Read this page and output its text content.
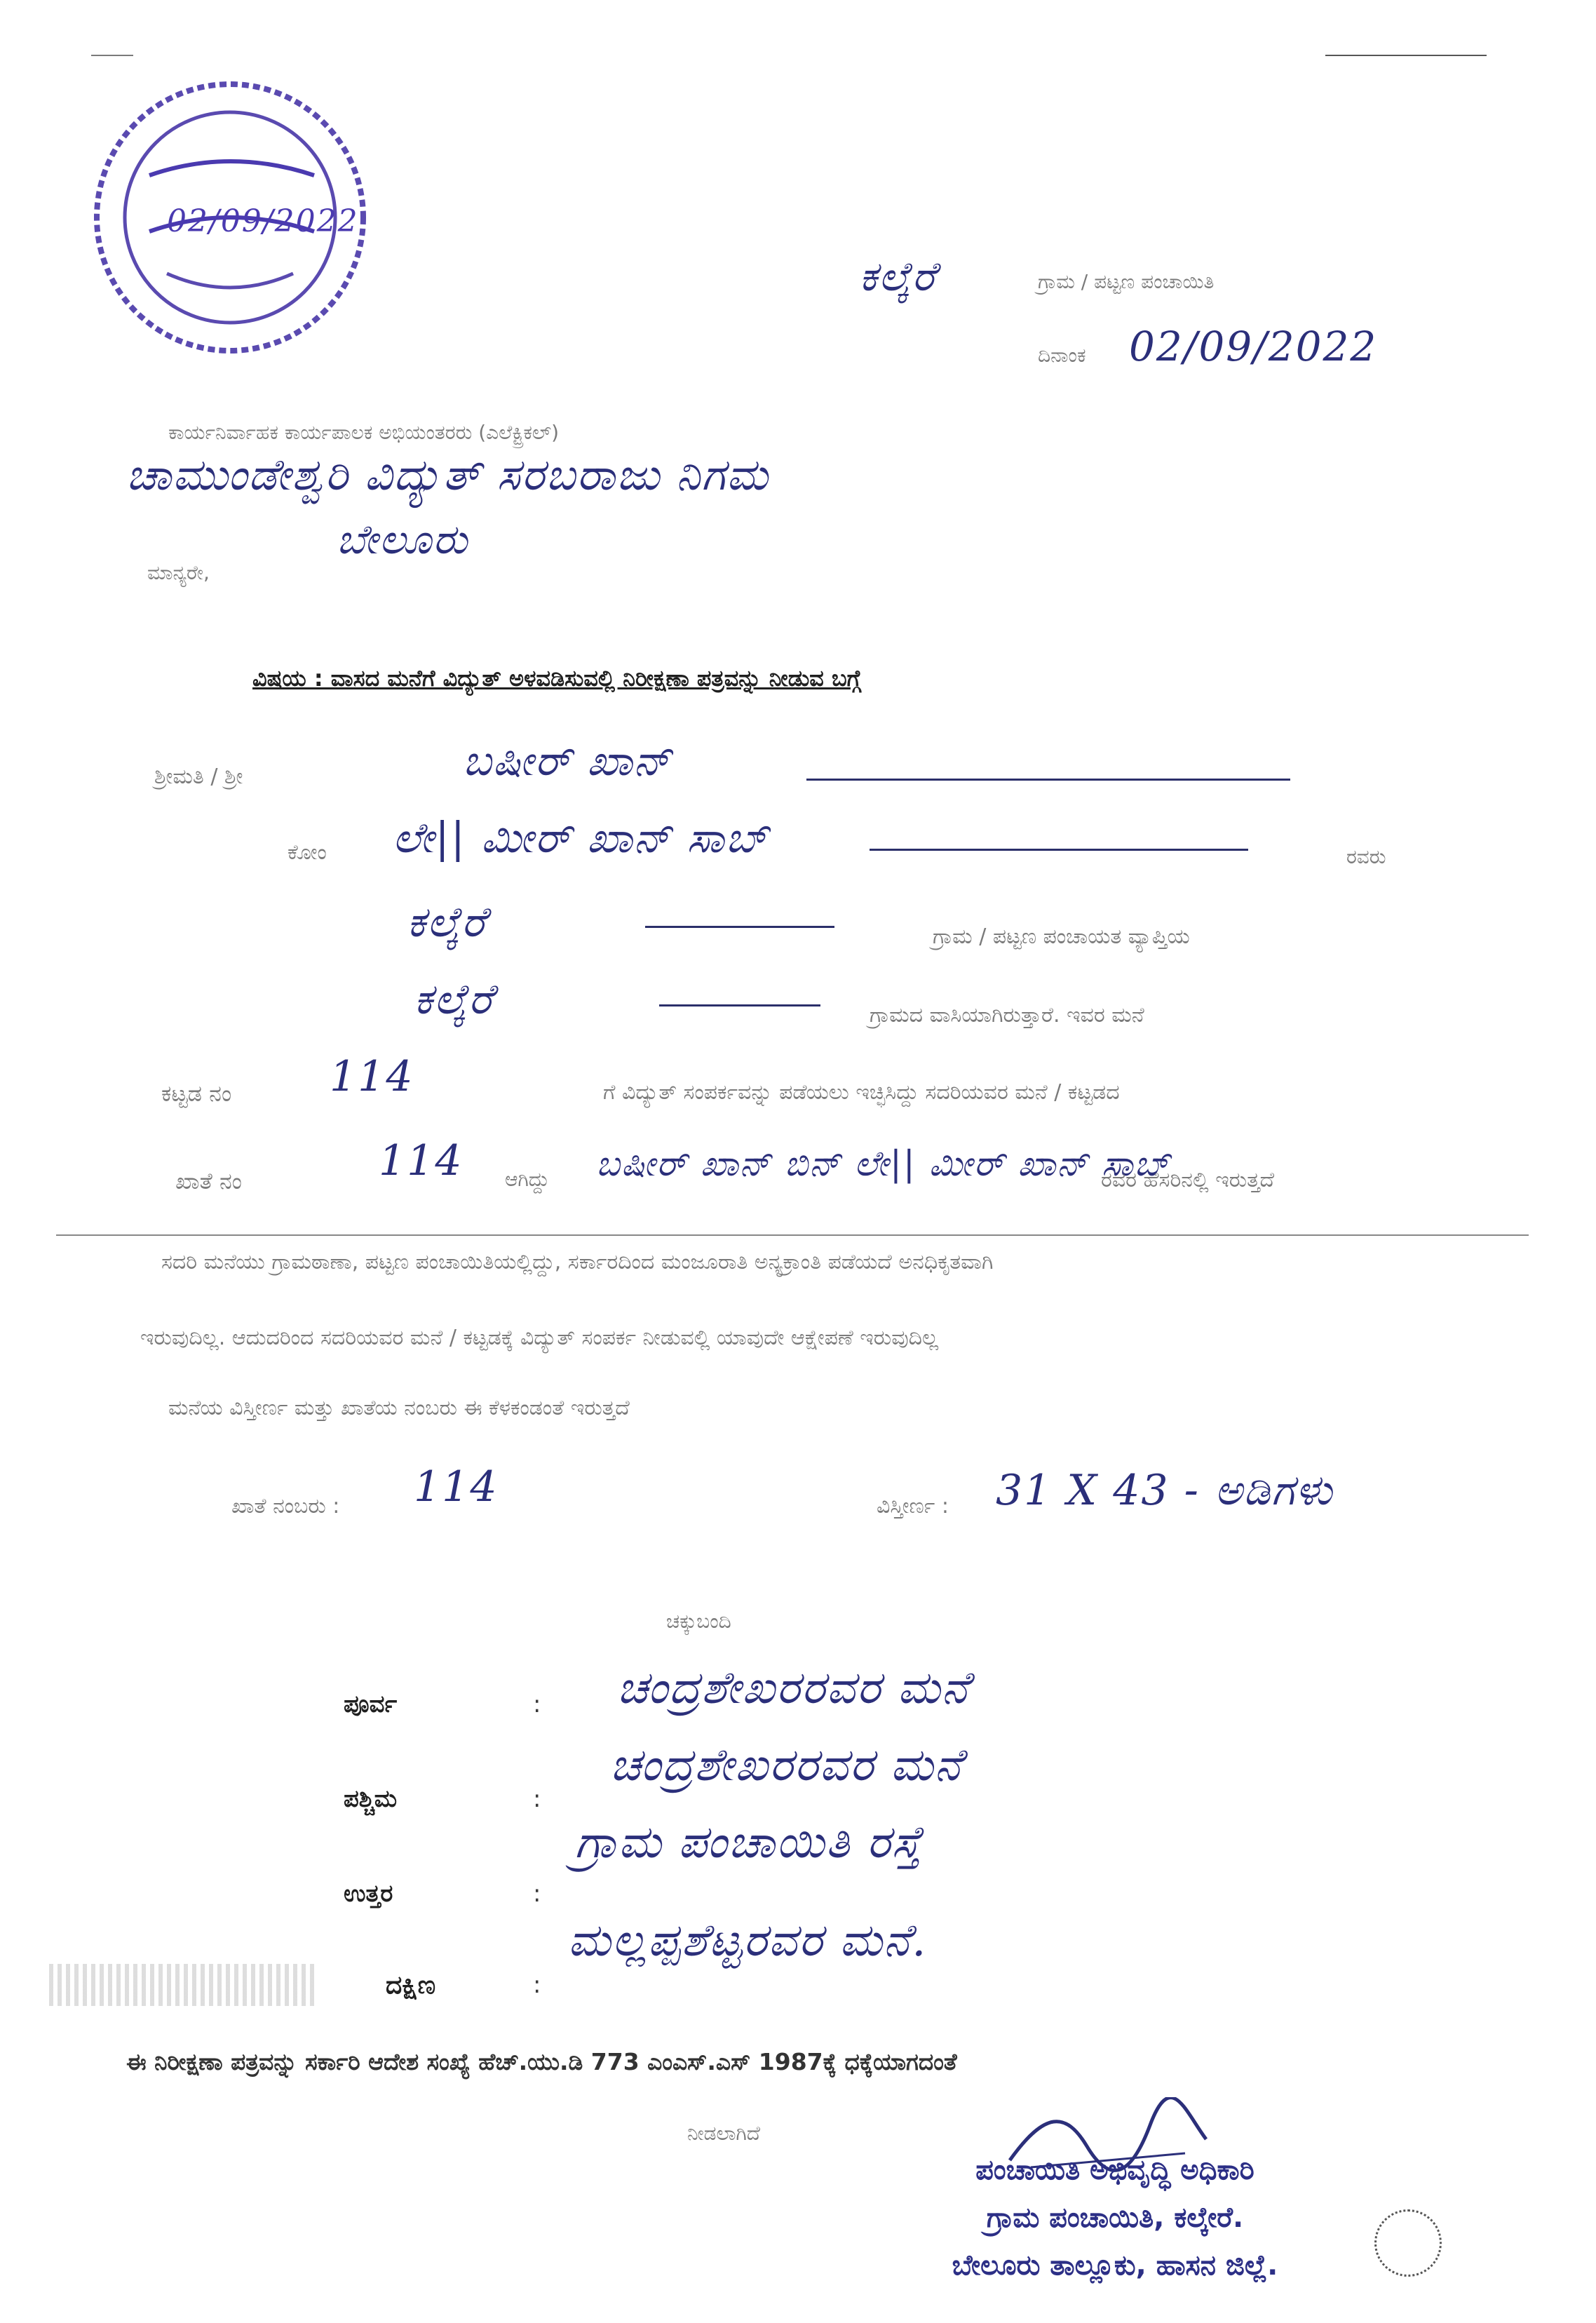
02/09/2022
ಕಲ್ಕೆರೆ	ಗ್ರಾಮ / ಪಟ್ಟಣ ಪಂಚಾಯಿತಿ
ದಿನಾಂಕ 02/09/2022
ಕಾರ್ಯನಿರ್ವಾಹಕ ಕಾರ್ಯಪಾಲಕ ಅಭಿಯಂತರರು (ಎಲೆಕ್ಟ್ರಿಕಲ್)
ಚಾಮುಂಡೇಶ್ವರಿ ವಿದ್ಯುತ್ ಸರಬರಾಜು ನಿಗಮ
ಬೇಲೂರು
ಮಾನ್ಯರೇ,
ವಿಷಯ : ವಾಸದ ಮನೆಗೆ ವಿದ್ಯುತ್ ಅಳವಡಿಸುವಲ್ಲಿ ನಿರೀಕ್ಷಣಾ ಪತ್ರವನ್ನು ನೀಡುವ ಬಗ್ಗೆ
ಶ್ರೀಮತಿ / ಶ್ರೀ	ಬಷೀರ್ ಖಾನ್
ಕೋಂ ಲೇ|| ಮೀರ್ ಖಾನ್ ಸಾಬ್	ರವರು
ಕಲ್ಕೆರೆ	ಗ್ರಾಮ / ಪಟ್ಟಣ ಪಂಚಾಯತ ವ್ಯಾಪ್ತಿಯ
ಕಲ್ಕೆರೆ	ಗ್ರಾಮದ ವಾಸಿಯಾಗಿರುತ್ತಾರೆ. ಇವರ ಮನೆ
ಕಟ್ಟಡ ನಂ 114	ಗೆ ವಿದ್ಯುತ್ ಸಂಪರ್ಕವನ್ನು ಪಡೆಯಲು ಇಚ್ಛಿಸಿದ್ದು ಸದರಿಯವರ ಮನೆ / ಕಟ್ಟಡದ
ಖಾತೆ ನಂ	114 ಆಗಿದ್ದು ಬಷೀರ್ ಖಾನ್ ಬಿನ್ ಲೇ|| ಮೀರ್ ಖಾನ್ ಸಾಬ್
ರವರ ಹೆಸರಿನಲ್ಲಿ ಇರುತ್ತದೆ
ಸದರಿ ಮನೆಯು ಗ್ರಾಮಠಾಣಾ, ಪಟ್ಟಣ ಪಂಚಾಯಿತಿಯಲ್ಲಿದ್ದು, ಸರ್ಕಾರದಿಂದ ಮಂಜೂರಾತಿ ಅನ್ಯಕ್ರಾಂತಿ ಪಡೆಯದೆ ಅನಧಿಕೃತವಾಗಿ
ಇರುವುದಿಲ್ಲ. ಆದುದರಿಂದ ಸದರಿಯವರ ಮನೆ / ಕಟ್ಟಡಕ್ಕೆ ವಿದ್ಯುತ್ ಸಂಪರ್ಕ ನೀಡುವಲ್ಲಿ ಯಾವುದೇ ಆಕ್ಷೇಪಣೆ ಇರುವುದಿಲ್ಲ
ಮನೆಯ ವಿಸ್ತೀರ್ಣ ಮತ್ತು ಖಾತೆಯ ನಂಬರು ಈ ಕೆಳಕಂಡಂತೆ ಇರುತ್ತದೆ
ಖಾತೆ ನಂಬರು : 114	ವಿಸ್ತೀರ್ಣ : 31 X 43 - ಅಡಿಗಳು
ಚಕ್ಕುಬಂದಿ
ಪೂರ್ವ	: ಚಂದ್ರಶೇಖರರವರ ಮನೆ
ಪಶ್ಚಿಮ	:
ಚಂದ್ರಶೇಖರರವರ ಮನೆ
ಉತ್ತರ	:
ಗ್ರಾಮ ಪಂಚಾಯಿತಿ ರಸ್ತೆ
ದಕ್ಷಿಣ	:
ಮಲ್ಲಪ್ಪಶೆಟ್ಟರವರ ಮನೆ.
ಈ ನಿರೀಕ್ಷಣಾ ಪತ್ರವನ್ನು ಸರ್ಕಾರಿ ಆದೇಶ ಸಂಖ್ಯೆ ಹೆಚ್.ಯು.ಡಿ 773 ಎಂಎಸ್.ಎಸ್ 1987ಕ್ಕೆ ಧಕ್ಕೆಯಾಗದಂತೆ
ನೀಡಲಾಗಿದೆ
ಪಂಚಾಯಿತಿ ಅಭಿವೃದ್ಧಿ ಅಧಿಕಾರಿ
ಗ್ರಾಮ ಪಂಚಾಯಿತಿ, ಕಲ್ಕೇರೆ.
ಬೇಲೂರು ತಾಲ್ಲೂಕು, ಹಾಸನ ಜಿಲ್ಲೆ.
